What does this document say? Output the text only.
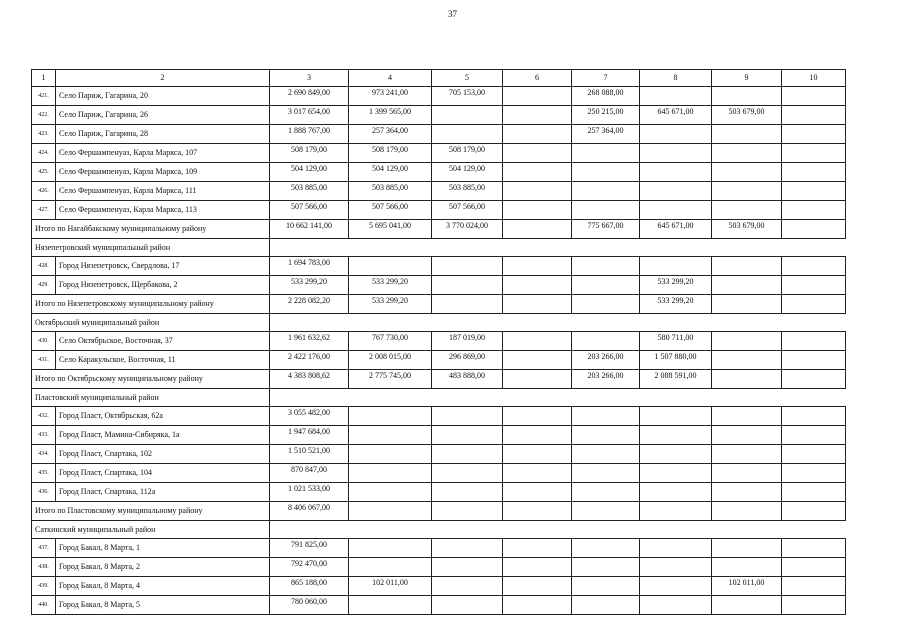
37
1	2	3	4	5	6	7	8	9	10
421.	Село Париж, Гагарина, 20	2 690 849,00	973 241,00	705 153,00		268 088,00			
422.	Село Париж, Гагарина, 26	3 017 654,00	1 399 565,00			250 215,00	645 671,00	503 679,00	
423.	Село Париж, Гагарина, 28	1 888 767,00	257 364,00			257 364,00			
424.	Село Фершампенуаз, Карла Маркса, 107	508 179,00	508 179,00	508 179,00					
425.	Село Фершампенуаз, Карла Маркса, 109	504 129,00	504 129,00	504 129,00					
426.	Село Фершампенуаз, Карла Маркса, 111	503 885,00	503 885,00	503 885,00					
427.	Село Фершампенуаз, Карла Маркса, 113	507 566,00	507 566,00	507 566,00					
Итого по Нагайбакскому муниципальному району		10 662 141,00	5 695 041,00	3 770 024,00		775 667,00	645 671,00	503 679,00	
Нязепетровский муниципальный район									
428.	Город Нязепетровск, Свердлова, 17	1 694 783,00							
429.	Город Нязепетровск, Щербакова, 2	533 299,20	533 299,20				533 299,20		
Итого по Нязепетровскому муниципальному району		2 228 082,20	533 299,20				533 299,20		
Октябрьский муниципальный район									
430.	Село Октябрьское, Восточная, 37	1 961 632,62	767 730,00	187 019,00			580 711,00		
431.	Село Каракульское, Восточная, 11	2 422 176,00	2 008 015,00	296 869,00		203 266,00	1 507 880,00		
Итого по Октябрьскому муниципальному району		4 383 808,62	2 775 745,00	483 888,00		203 266,00	2 088 591,00		
Пластовский муниципальный район									
432.	Город Пласт, Октябрьская, 62а	3 055 482,00							
433.	Город Пласт, Мамина-Сибиряка, 1а	1 947 684,00							
434.	Город Пласт, Спартака, 102	1 510 521,00							
435.	Город Пласт, Спартака, 104	870 847,00							
436.	Город Пласт, Спартака, 112а	1 021 533,00							
Итого по Пластовскому муниципальному району		8 406 067,00							
Саткинский муниципальный район									
437.	Город Бакал, 8 Марта, 1	791 825,00							
438.	Город Бакал, 8 Марта, 2	792 470,00							
439.	Город Бакал, 8 Марта, 4	865 188,00	102 011,00					102 011,00	
440.	Город Бакал, 8 Марта, 5	780 060,00							
